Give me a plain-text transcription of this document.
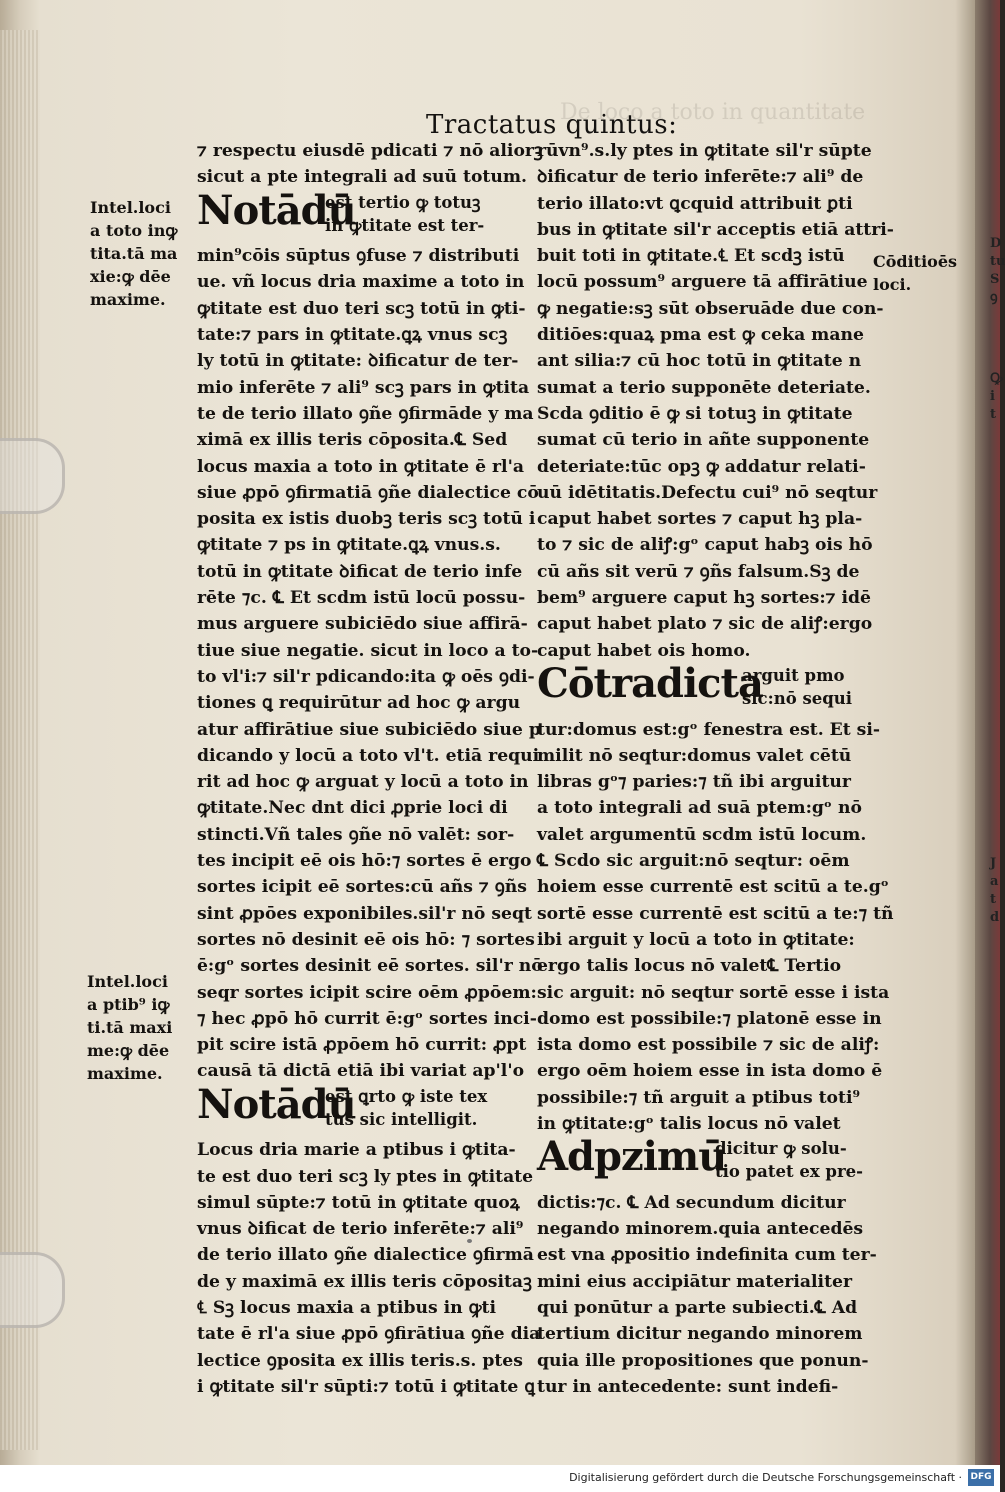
D
tu
S
ꝯ
Ꝙ
i
t
J
a
t
d
De loco a toto in quantitate
Tractatus quintus:
Intel.loci
a toto inꝙ
tita.tā ma
xie:ꝙ dēe
maxime.
Intel.loci
a ptib⁹ iꝙ
ti.tā maxi
me:ꝙ dēe
maxime.
Cōditioēs
loci.
⁊ respectu eiusdē pdicati ⁊ nō aliorꝫ
sicut a pte integrali ad suū totum.
Notādū
est tertio ꝙ totuꝫ
in ꝙtitate est ter-
min⁹cōis sūptus ꝯfuse ⁊ distributi
ue. vñ locus dria maxime a toto in
ꝙtitate est duo teri scꝫ totū in ꝙti-
tate:⁊ pars in ꝙtitate.ꝗꝝ vnus scꝫ
ly totū in ꝙtitate: ꝺificatur de ter-
mio inferēte ⁊ ali⁹ scꝫ pars in ꝙtita
te de terio illato ꝯñe ꝯfirmāde y ma
ximā ex illis teris cōposita.℄ Sed
locus maxia a toto in ꝙtitate ē rl'a
siue ꝓpō ꝯfirmatiā ꝯñe dialectice cō
posita ex istis duobꝫ teris scꝫ totū i
ꝙtitate ⁊ ps in ꝙtitate.ꝗꝝ vnus.s.
totū in ꝙtitate ꝺificat de terio infe
rēte ⁊c. ℄ Et scdm istū locū possu-
mus arguere subiciēdo siue affirā-
tiue siue negatie. sicut in loco a to-
to vl'i:⁊ sil'r pdicando:ita ꝙ oēs ꝯdi-
tiones ꝗ requirūtur ad hoc ꝙ argu
atur affirātiue siue subiciēdo siue p
dicando y locū a toto vl't. etiā requi
rit ad hoc ꝙ arguat y locū a toto in
ꝙtitate.Nec dnt dici ꝓprie loci di
stincti.Vñ tales ꝯñe nō valēt: sor-
tes incipit eē ois hō:⁊ sortes ē ergo
sortes icipit eē sortes:cū añs ⁊ ꝯñs
sint ꝓpōes exponibiles.sil'r nō seqt
sortes nō desinit eē ois hō: ⁊ sortes
ē:gᵒ sortes desinit eē sortes. sil'r nō
seqr sortes icipit scire oēm ꝓpōem:
⁊ hec ꝓpō hō currit ē:gᵒ sortes inci-
pit scire istā ꝓpōem hō currit: ꝓpt
causā tā dictā etiā ibi variat ap'l'o
Notādū
est ꝗrto ꝙ iste tex
tus sic intelligit.
Locus dria marie a ptibus i ꝙtita-
te est duo teri scꝫ ly ptes in ꝙtitate
simul sūpte:⁊ totū in ꝙtitate quoꝝ
vnus ꝺificat de terio inferēte:⁊ ali⁹
de terio illato ꝯñe dialectice ꝯfirmā
de y maximā ex illis teris cōpositaꝫ
℄ Sꝫ locus maxia a ptibus in ꝙti
tate ē rl'a siue ꝓpō ꝯfirātiua ꝯñe dia
lectice ꝯposita ex illis teris.s. ptes
i ꝙtitate sil'r sūpti:⁊ totū i ꝙtitate ꝗ
rūvn⁹.s.ly ptes in ꝙtitate sil'r sūpte
ꝺificatur de terio inferēte:⁊ ali⁹ de
terio illato:vt ꝗcquid attribuit ꝑti
bus in ꝙtitate sil'r acceptis etiā attri-
buit toti in ꝙtitate.℄ Et scdꝫ istū
locū possum⁹ arguere tā affirātiue
ꝙ negatie:sꝫ sūt obseruāde due con-
ditiōes:quaꝝ pma est ꝙ ceka mane
ant silia:⁊ cū hoc totū in ꝙtitate n
sumat a terio supponēte deteriate.
Scda ꝯditio ē ꝙ si totuꝫ in ꝙtitate
sumat cū terio in añte supponente
deteriate:tūc opꝫ ꝙ addatur relati-
uū idētitatis.Defectu cui⁹ nō seqtur
caput habet sortes ⁊ caput hꝫ pla-
to ⁊ sic de aliꝭ:gᵒ caput habꝫ ois hō
cū añs sit verū ⁊ ꝯñs falsum.Sꝫ de
bem⁹ arguere caput hꝫ sortes:⁊ idē
caput habet plato ⁊ sic de aliꝭ:ergo
caput habet ois homo.
Cōtradicta
arguit pmo
sic:nō sequi
tur:domus est:gᵒ fenestra est. Et si-
milit nō seqtur:domus valet cētū
libras gᵒ⁊ paries:⁊ tñ ibi arguitur
a toto integrali ad suā ptem:gᵒ nō
valet argumentū scdm istū locum.
℄ Scdo sic arguit:nō seqtur: oēm
hoiem esse currentē est scitū a te.gᵒ
sortē esse currentē est scitū a te:⁊ tñ
ibi arguit y locū a toto in ꝙtitate:
ergo talis locus nō valet℄ Tertio
sic arguit: nō seqtur sortē esse i ista
domo est possibile:⁊ platonē esse in
ista domo est possibile ⁊ sic de aliꝭ:
ergo oēm hoiem esse in ista domo ē
possibile:⁊ tñ arguit a ptibus toti⁹
in ꝙtitate:gᵒ talis locus nō valet
Adpzimū
dicitur ꝙ solu-
tio patet ex pre-
dictis:⁊c. ℄ Ad secundum dicitur
negando minorem.quia antecedēs
est vna ꝓpositio indefinita cum ter-
mini eius accipiātur materialiter
qui ponūtur a parte subiecti.℄ Ad
tertium dicitur negando minorem
quia ille propositiones que ponun-
tur in antecedente: sunt indefi-
Digitalisierung gefördert durch die Deutsche Forschungsgemeinschaft · DFG
